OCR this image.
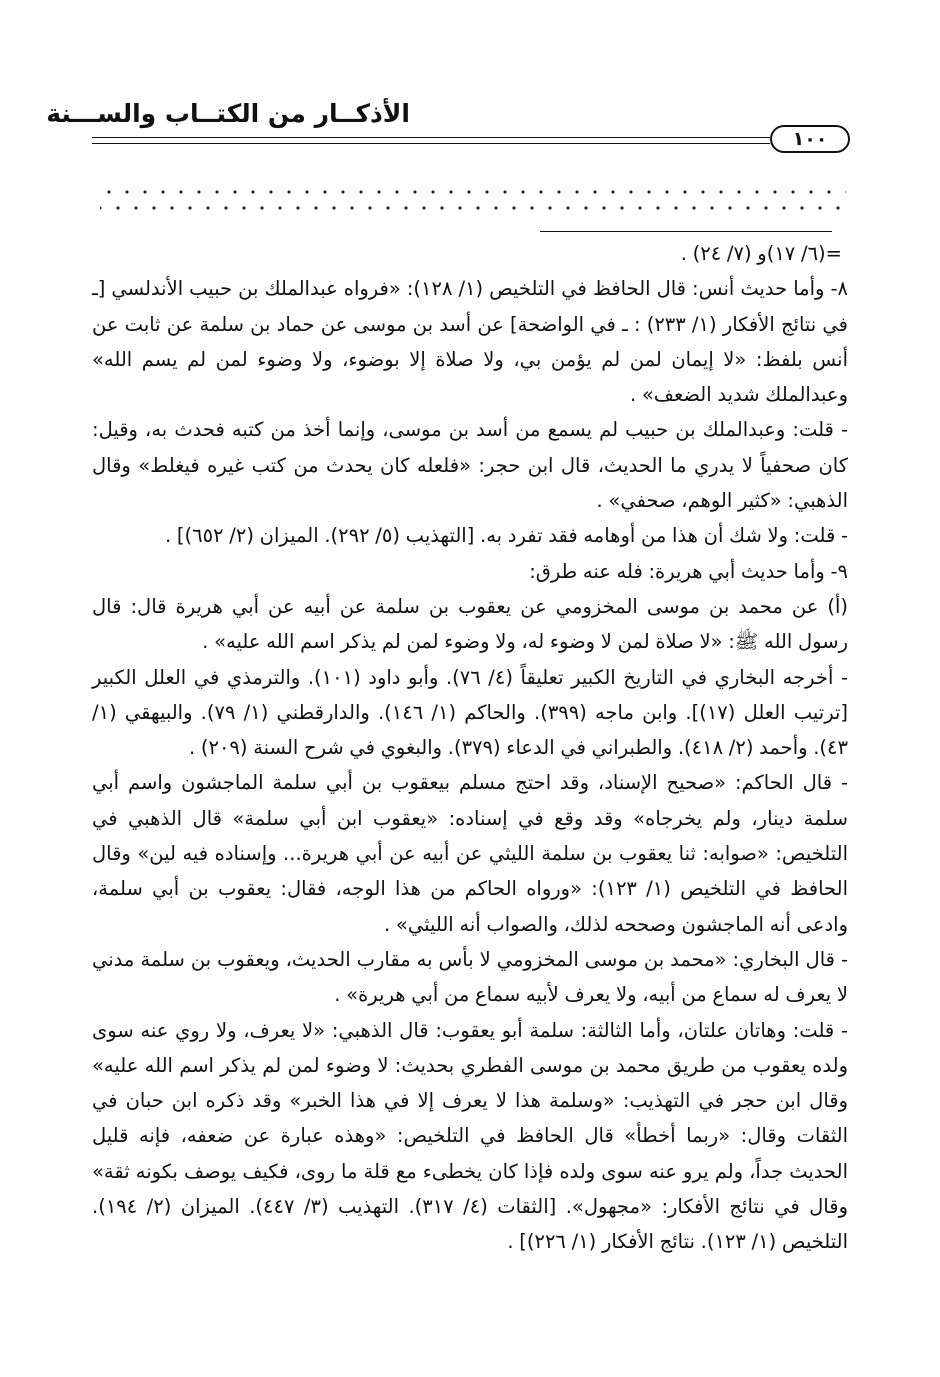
الأذكــار من الكتــاب والســـنة
١٠٠

=(٦/ ١٧)و (٧/ ٢٤) .

٨- وأما حديث أنس: قال الحافظ في التلخيص (١/ ١٢٨): «فرواه عبدالملك بن حبيب الأندلسي [ـ في نتائج الأفكار (١/ ٢٣٣) : ـ في الواضحة] عن أسد بن موسى عن حماد بن سلمة عن ثابت عن أنس بلفظ: «لا إيمان لمن لم يؤمن بي، ولا صلاة إلا بوضوء، ولا وضوء لمن لم يسم الله» وعبدالملك شديد الضعف» .

- قلت: وعبدالملك بن حبيب لم يسمع من أسد بن موسى، وإنما أخذ من كتبه فحدث به، وقيل: كان صحفياً لا يدري ما الحديث، قال ابن حجر: «فلعله كان يحدث من كتب غيره فيغلط» وقال الذهبي: «كثير الوهم، صحفي» .

- قلت: ولا شك أن هذا من أوهامه فقد تفرد به. [التهذيب (٥/ ٢٩٢). الميزان (٢/ ٦٥٢)] .

٩- وأما حديث أبي هريرة: فله عنه طرق:

(أ) عن محمد بن موسى المخزومي عن يعقوب بن سلمة عن أبيه عن أبي هريرة قال: قال رسول الله ﷺ: «لا صلاة لمن لا وضوء له، ولا وضوء لمن لم يذكر اسم الله عليه» .

- أخرجه البخاري في التاريخ الكبير تعليقاً (٤/ ٧٦). وأبو داود (١٠١). والترمذي في العلل الكبير [ترتيب العلل (١٧)]. وابن ماجه (٣٩٩). والحاكم (١/ ١٤٦). والدارقطني (١/ ٧٩). والبيهقي (١/ ٤٣). وأحمد (٢/ ٤١٨). والطبراني في الدعاء (٣٧٩). والبغوي في شرح السنة (٢٠٩) .

- قال الحاكم: «صحيح الإسناد، وقد احتج مسلم بيعقوب بن أبي سلمة الماجشون واسم أبي سلمة دينار، ولم يخرجاه» وقد وقع في إسناده: «يعقوب ابن أبي سلمة» قال الذهبي في التلخيص: «صوابه: ثنا يعقوب بن سلمة الليثي عن أبيه عن أبي هريرة... وإسناده فيه لين» وقال الحافظ في التلخيص (١/ ١٢٣): «ورواه الحاكم من هذا الوجه، فقال: يعقوب بن أبي سلمة، وادعى أنه الماجشون وصححه لذلك، والصواب أنه الليثي» .

- قال البخاري: «محمد بن موسى المخزومي لا بأس به مقارب الحديث، ويعقوب بن سلمة مدني لا يعرف له سماع من أبيه، ولا يعرف لأبيه سماع من أبي هريرة» .

- قلت: وهاتان علتان، وأما الثالثة: سلمة أبو يعقوب: قال الذهبي: «لا يعرف، ولا روي عنه سوى ولده يعقوب من طريق محمد بن موسى الفطري بحديث: لا وضوء لمن لم يذكر اسم الله عليه» وقال ابن حجر في التهذيب: «وسلمة هذا لا يعرف إلا في هذا الخبر» وقد ذكره ابن حبان في الثقات وقال: «ربما أخطأ» قال الحافظ في التلخيص: «وهذه عبارة عن ضعفه، فإنه قليل الحديث جداً، ولم يرو عنه سوى ولده فإذا كان يخطىء مع قلة ما روى، فكيف يوصف بكونه ثقة» وقال في نتائج الأفكار: «مجهول». [الثقات (٤/ ٣١٧). التهذيب (٣/ ٤٤٧). الميزان (٢/ ١٩٤). التلخيص (١/ ١٢٣). نتائج الأفكار (١/ ٢٢٦)] .
